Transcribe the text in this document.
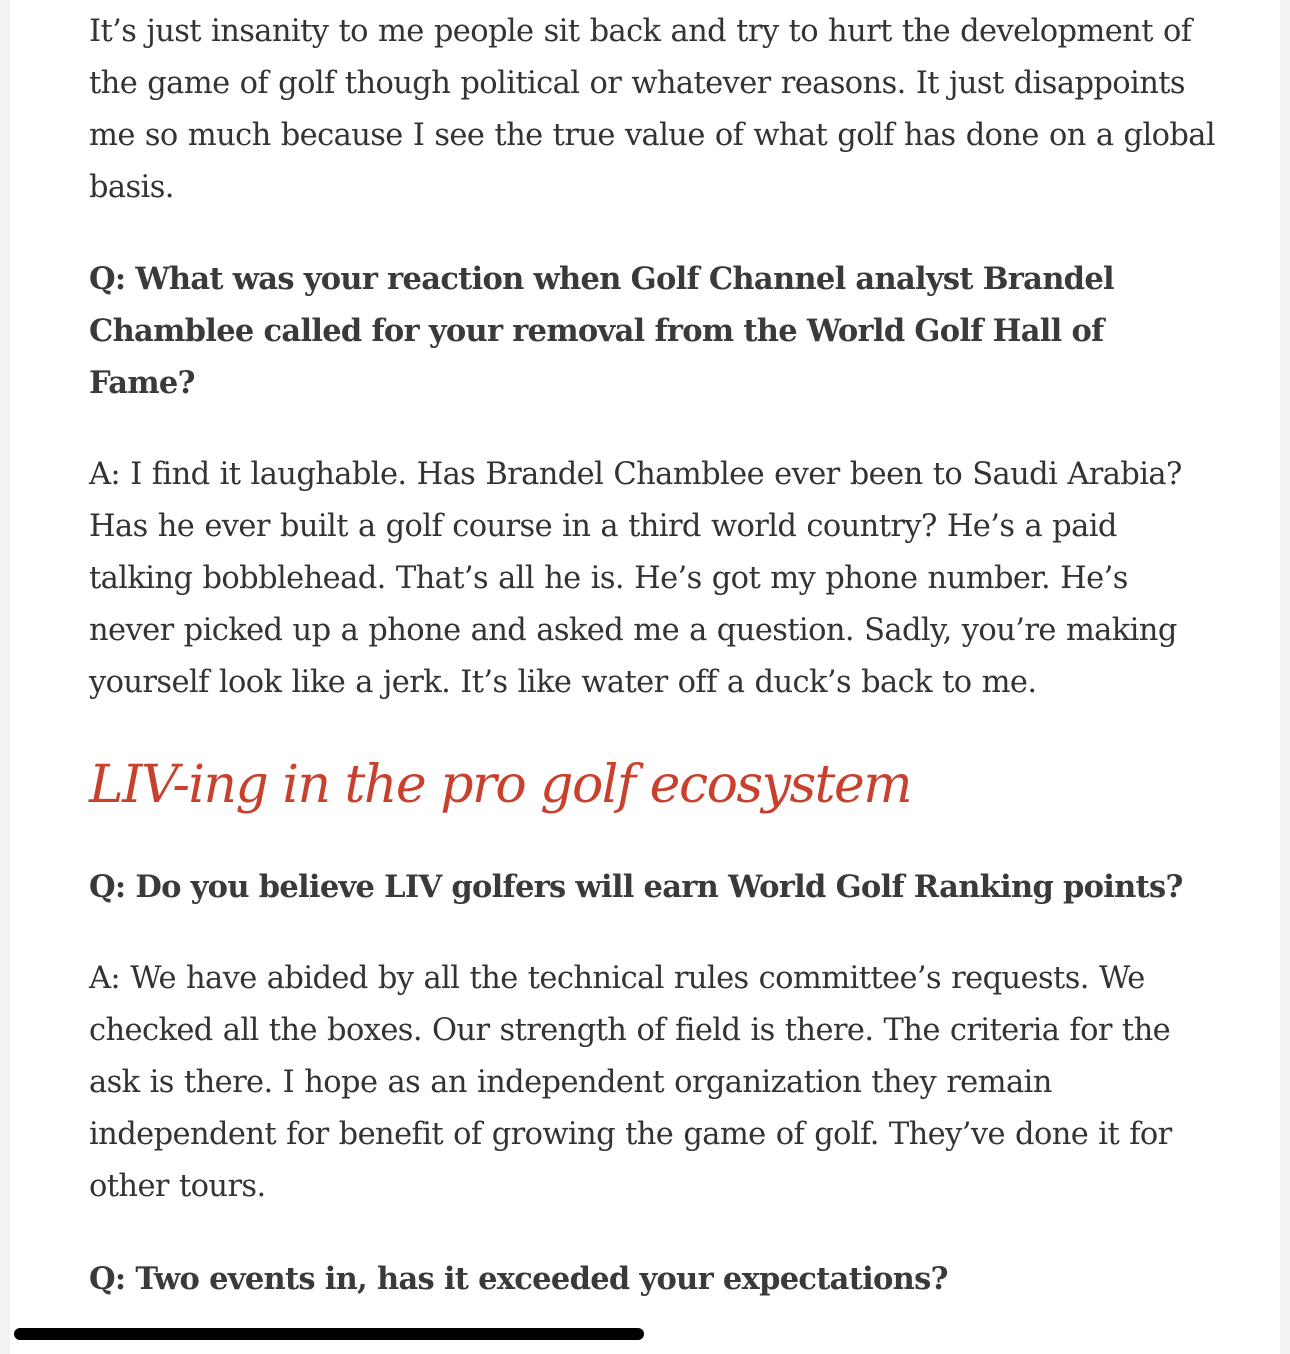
It’s just insanity to me people sit back and try to hurt the development of the game of golf though political or whatever reasons. It just disappoints me so much because I see the true value of what golf has done on a global basis.

Q: What was your reaction when Golf Channel analyst Brandel Chamblee called for your removal from the World Golf Hall of Fame?

A: I find it laughable. Has Brandel Chamblee ever been to Saudi Arabia? Has he ever built a golf course in a third world country? He’s a paid talking bobblehead. That’s all he is. He’s got my phone number. He’s never picked up a phone and asked me a question. Sadly, you’re making yourself look like a jerk. It’s like water off a duck’s back to me.

LIV-ing in the pro golf ecosystem

Q: Do you believe LIV golfers will earn World Golf Ranking points?

A: We have abided by all the technical rules committee’s requests. We checked all the boxes. Our strength of field is there. The criteria for the ask is there. I hope as an independent organization they remain independent for benefit of growing the game of golf. They’ve done it for other tours.

Q: Two events in, has it exceeded your expectations?
